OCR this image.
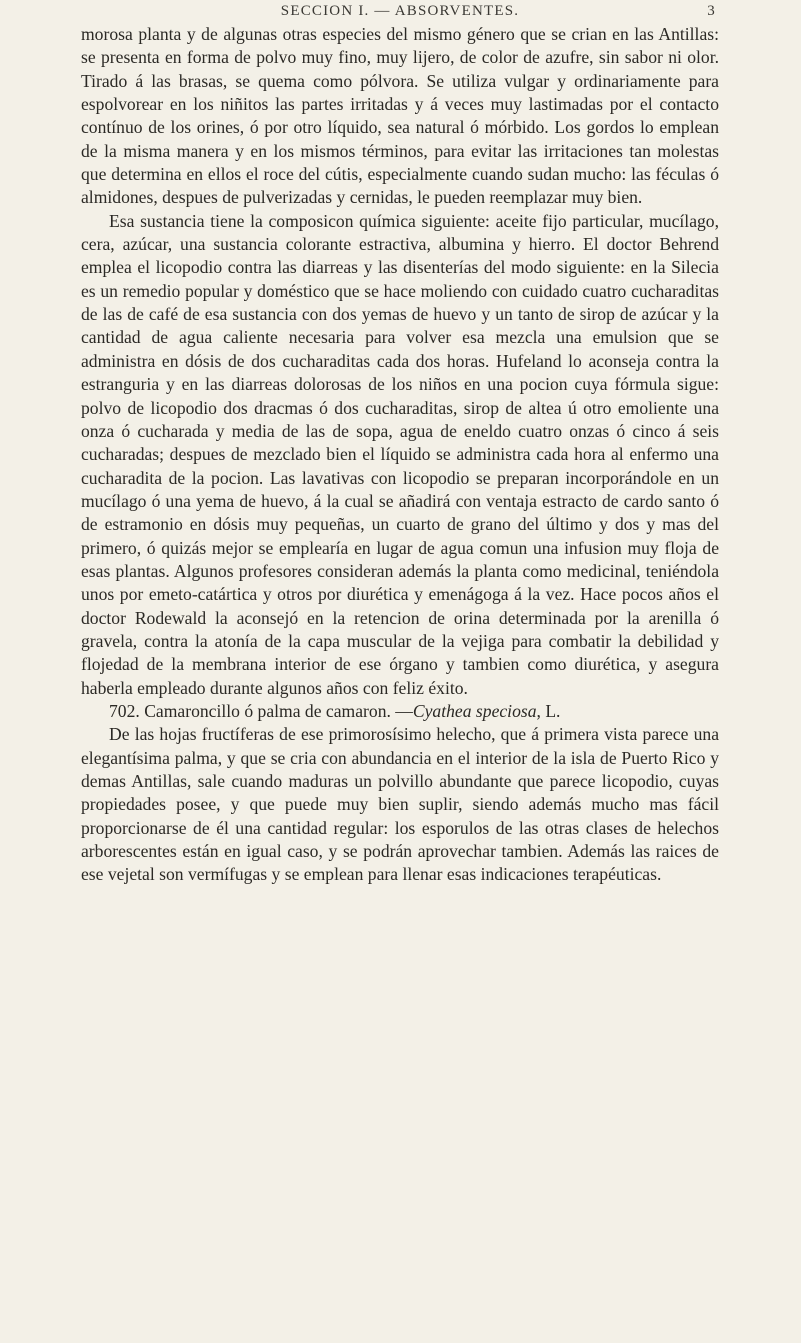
SECCION I. — ABSORVENTES.	3

morosa planta y de algunas otras especies del mismo género que se crian en las Antillas: se presenta en forma de polvo muy fino, muy lijero, de color de azufre, sin sabor ni olor. Tirado á las brasas, se quema como pólvora. Se utiliza vulgar y ordinariamente para espolvorear en los niñitos las partes irritadas y á veces muy lastimadas por el contacto contínuo de los orines, ó por otro líquido, sea natural ó mórbido. Los gordos lo emplean de la misma manera y en los mismos términos, para evitar las irritaciones tan molestas que determina en ellos el roce del cútis, especialmente cuando sudan mucho: las féculas ó almidones, despues de pulverizadas y cernidas, le pueden reemplazar muy bien.

Esa sustancia tiene la composicon química siguiente: aceite fijo particular, mucílago, cera, azúcar, una sustancia colorante estractiva, albumina y hierro. El doctor Behrend emplea el licopodio contra las diarreas y las disenterías del modo siguiente: en la Silecia es un remedio popular y doméstico que se hace moliendo con cuidado cuatro cucharaditas de las de café de esa sustancia con dos yemas de huevo y un tanto de sirop de azúcar y la cantidad de agua caliente necesaria para volver esa mezcla una emulsion que se administra en dósis de dos cucharaditas cada dos horas. Hufeland lo aconseja contra la estranguria y en las diarreas dolorosas de los niños en una pocion cuya fórmula sigue: polvo de licopodio dos dracmas ó dos cucharaditas, sirop de altea ú otro emoliente una onza ó cucharada y media de las de sopa, agua de eneldo cuatro onzas ó cinco á seis cucharadas; despues de mezclado bien el líquido se administra cada hora al enfermo una cucharadita de la pocion. Las lavativas con licopodio se preparan incorporándole en un mucílago ó una yema de huevo, á la cual se añadirá con ventaja estracto de cardo santo ó de estramonio en dósis muy pequeñas, un cuarto de grano del último y dos y mas del primero, ó quizás mejor se emplearía en lugar de agua comun una infusion muy floja de esas plantas. Algunos profesores consideran además la planta como medicinal, teniéndola unos por emeto-catártica y otros por diurética y emenágoga á la vez. Hace pocos años el doctor Rodewald la aconsejó en la retencion de orina determinada por la arenilla ó gravela, contra la atonía de la capa muscular de la vejiga para combatir la debilidad y flojedad de la membrana interior de ese órgano y tambien como diurética, y asegura haberla empleado durante algunos años con feliz éxito.

702. Camaroncillo ó palma de camaron. —Cyathea speciosa, L.

De las hojas fructíferas de ese primorosísimo helecho, que á primera vista parece una elegantísima palma, y que se cria con abundancia en el interior de la isla de Puerto Rico y demas Antillas, sale cuando maduras un polvillo abundante que parece licopodio, cuyas propiedades posee, y que puede muy bien suplir, siendo además mucho mas fácil proporcionarse de él una cantidad regular: los esporulos de las otras clases de helechos arborescentes están en igual caso, y se podrán aprovechar tambien. Además las raices de ese vejetal son vermífugas y se emplean para llenar esas indicaciones terapéuticas.
